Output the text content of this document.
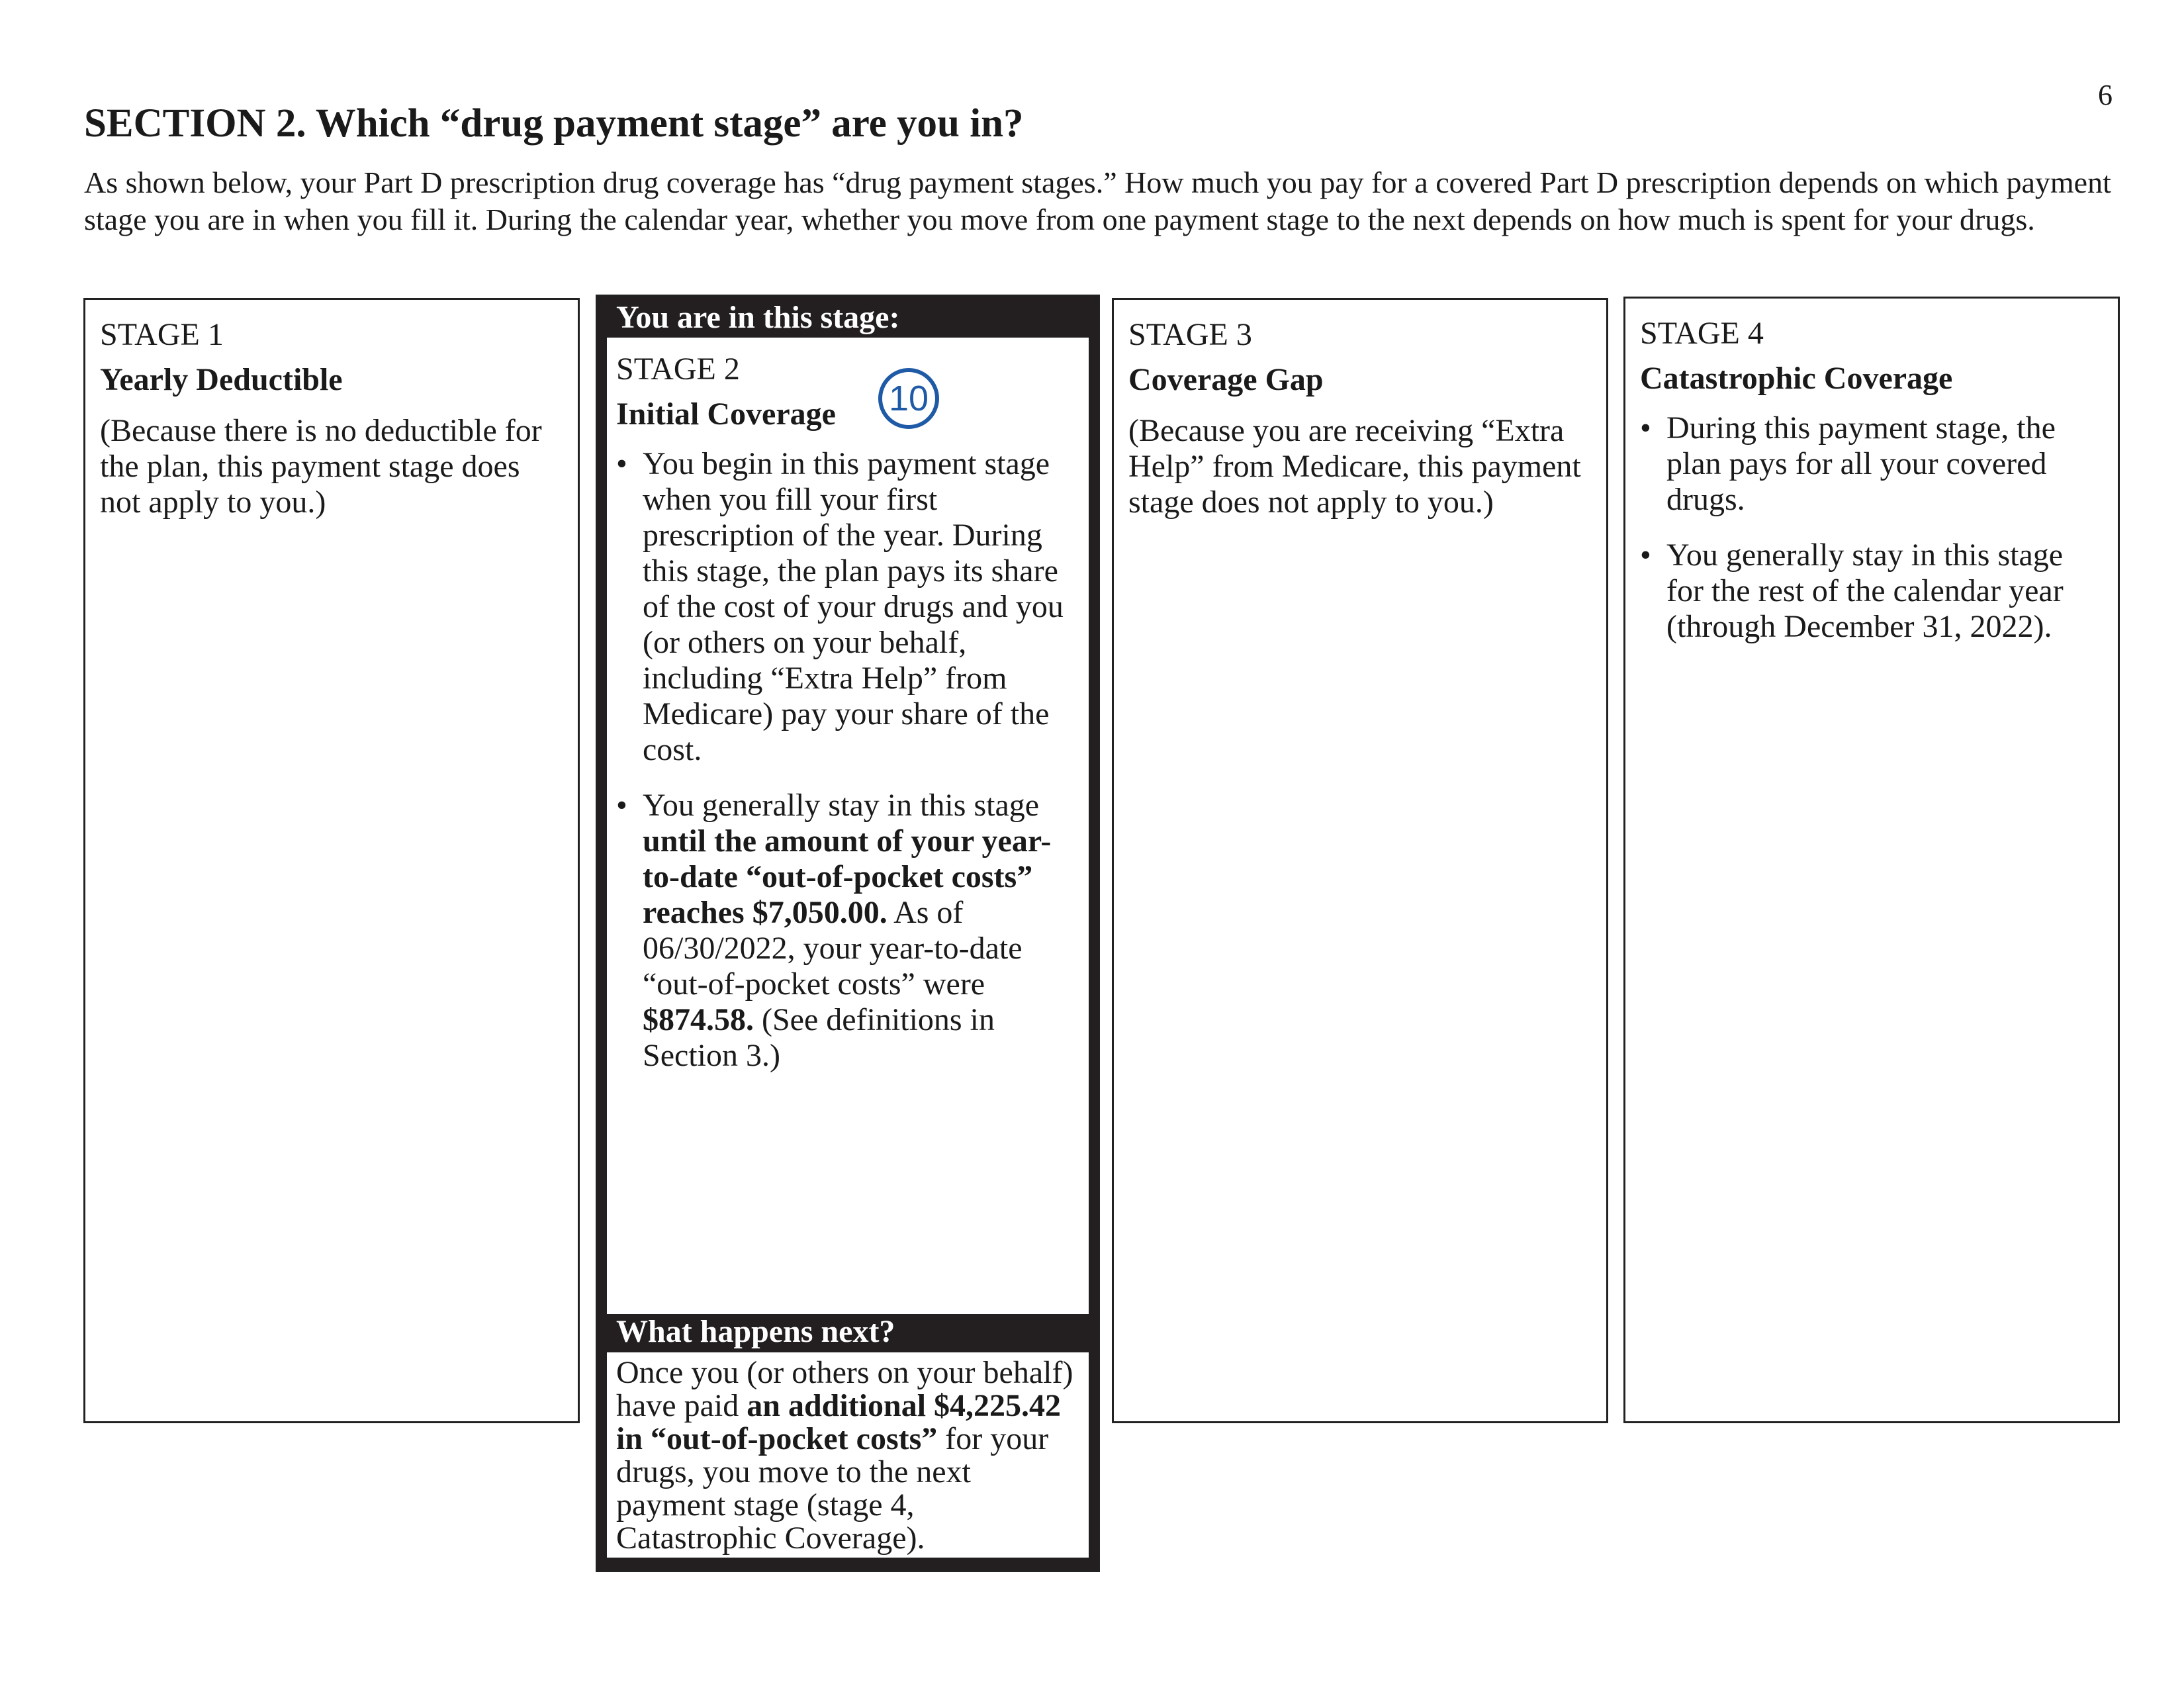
6
SECTION 2. Which “drug payment stage” are you in?
As shown below, your Part D prescription drug coverage has “drug payment stages.” How much you pay for a covered Part D prescription depends on which payment stage you are in when you fill it. During the calendar year, whether you move from one payment stage to the next depends on how much is spent for your drugs.
STAGE 1
Yearly Deductible
(Because there is no deductible for the plan, this payment stage does not apply to you.)
You are in this stage:
STAGE 2
Initial Coverage	10
• You begin in this payment stage when you fill your first prescription of the year. During this stage, the plan pays its share of the cost of your drugs and you (or others on your behalf, including “Extra Help” from Medicare) pay your share of the cost.
• You generally stay in this stage until the amount of your year-to-date “out-of-pocket costs” reaches $7,050.00. As of 06/30/2022, your year-to-date “out-of-pocket costs” were $874.58. (See definitions in Section 3.)
What happens next?
Once you (or others on your behalf) have paid an additional $4,225.42 in “out-of-pocket costs” for your drugs, you move to the next payment stage (stage 4, Catastrophic Coverage).
STAGE 3
Coverage Gap
(Because you are receiving “Extra Help” from Medicare, this payment stage does not apply to you.)
STAGE 4
Catastrophic Coverage
• During this payment stage, the plan pays for all your covered drugs.
• You generally stay in this stage for the rest of the calendar year (through December 31, 2022).
